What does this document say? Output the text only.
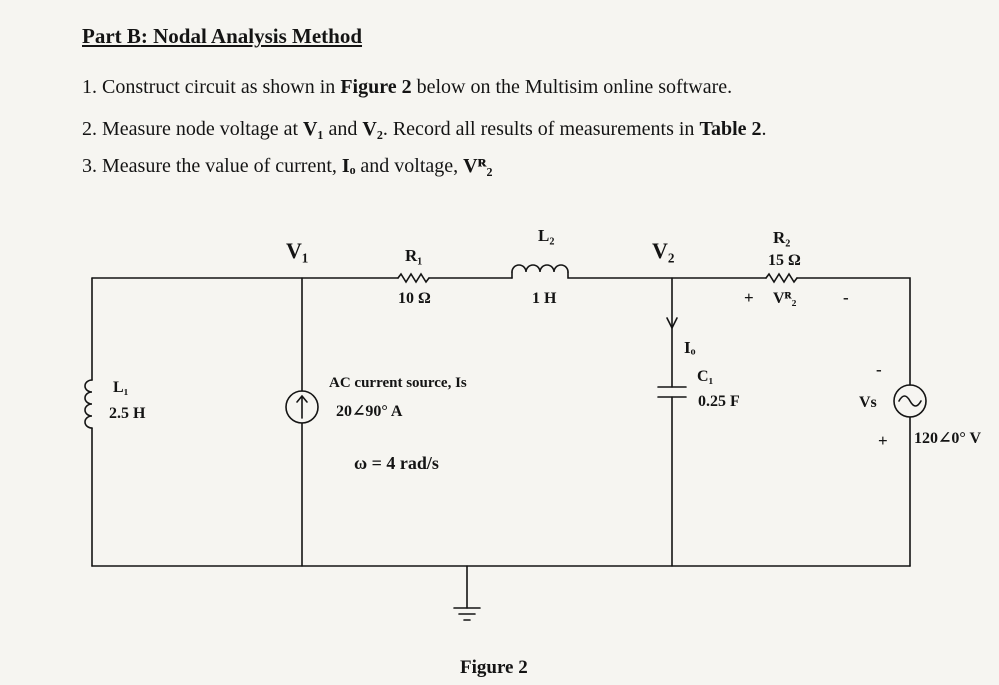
Part B: Nodal Analysis Method
1. Construct circuit as shown in Figure 2 below on the Multisim online software.
2. Measure node voltage at V₁ and V₂. Record all results of measurements in Table 2.
3. Measure the value of current, Iₒ and voltage, Vᴿ₂
V₁	V₂
R₁
10 Ω
L₂
1 H
R₂
15 Ω
+ Vᴿ₂	-
L₁
2.5 H
AC current source, Is
20∠90° A
ω = 4 rad/s
Iₒ
C₁
0.25 F
-
Vs
+ 120∠0° V
Figure 2
